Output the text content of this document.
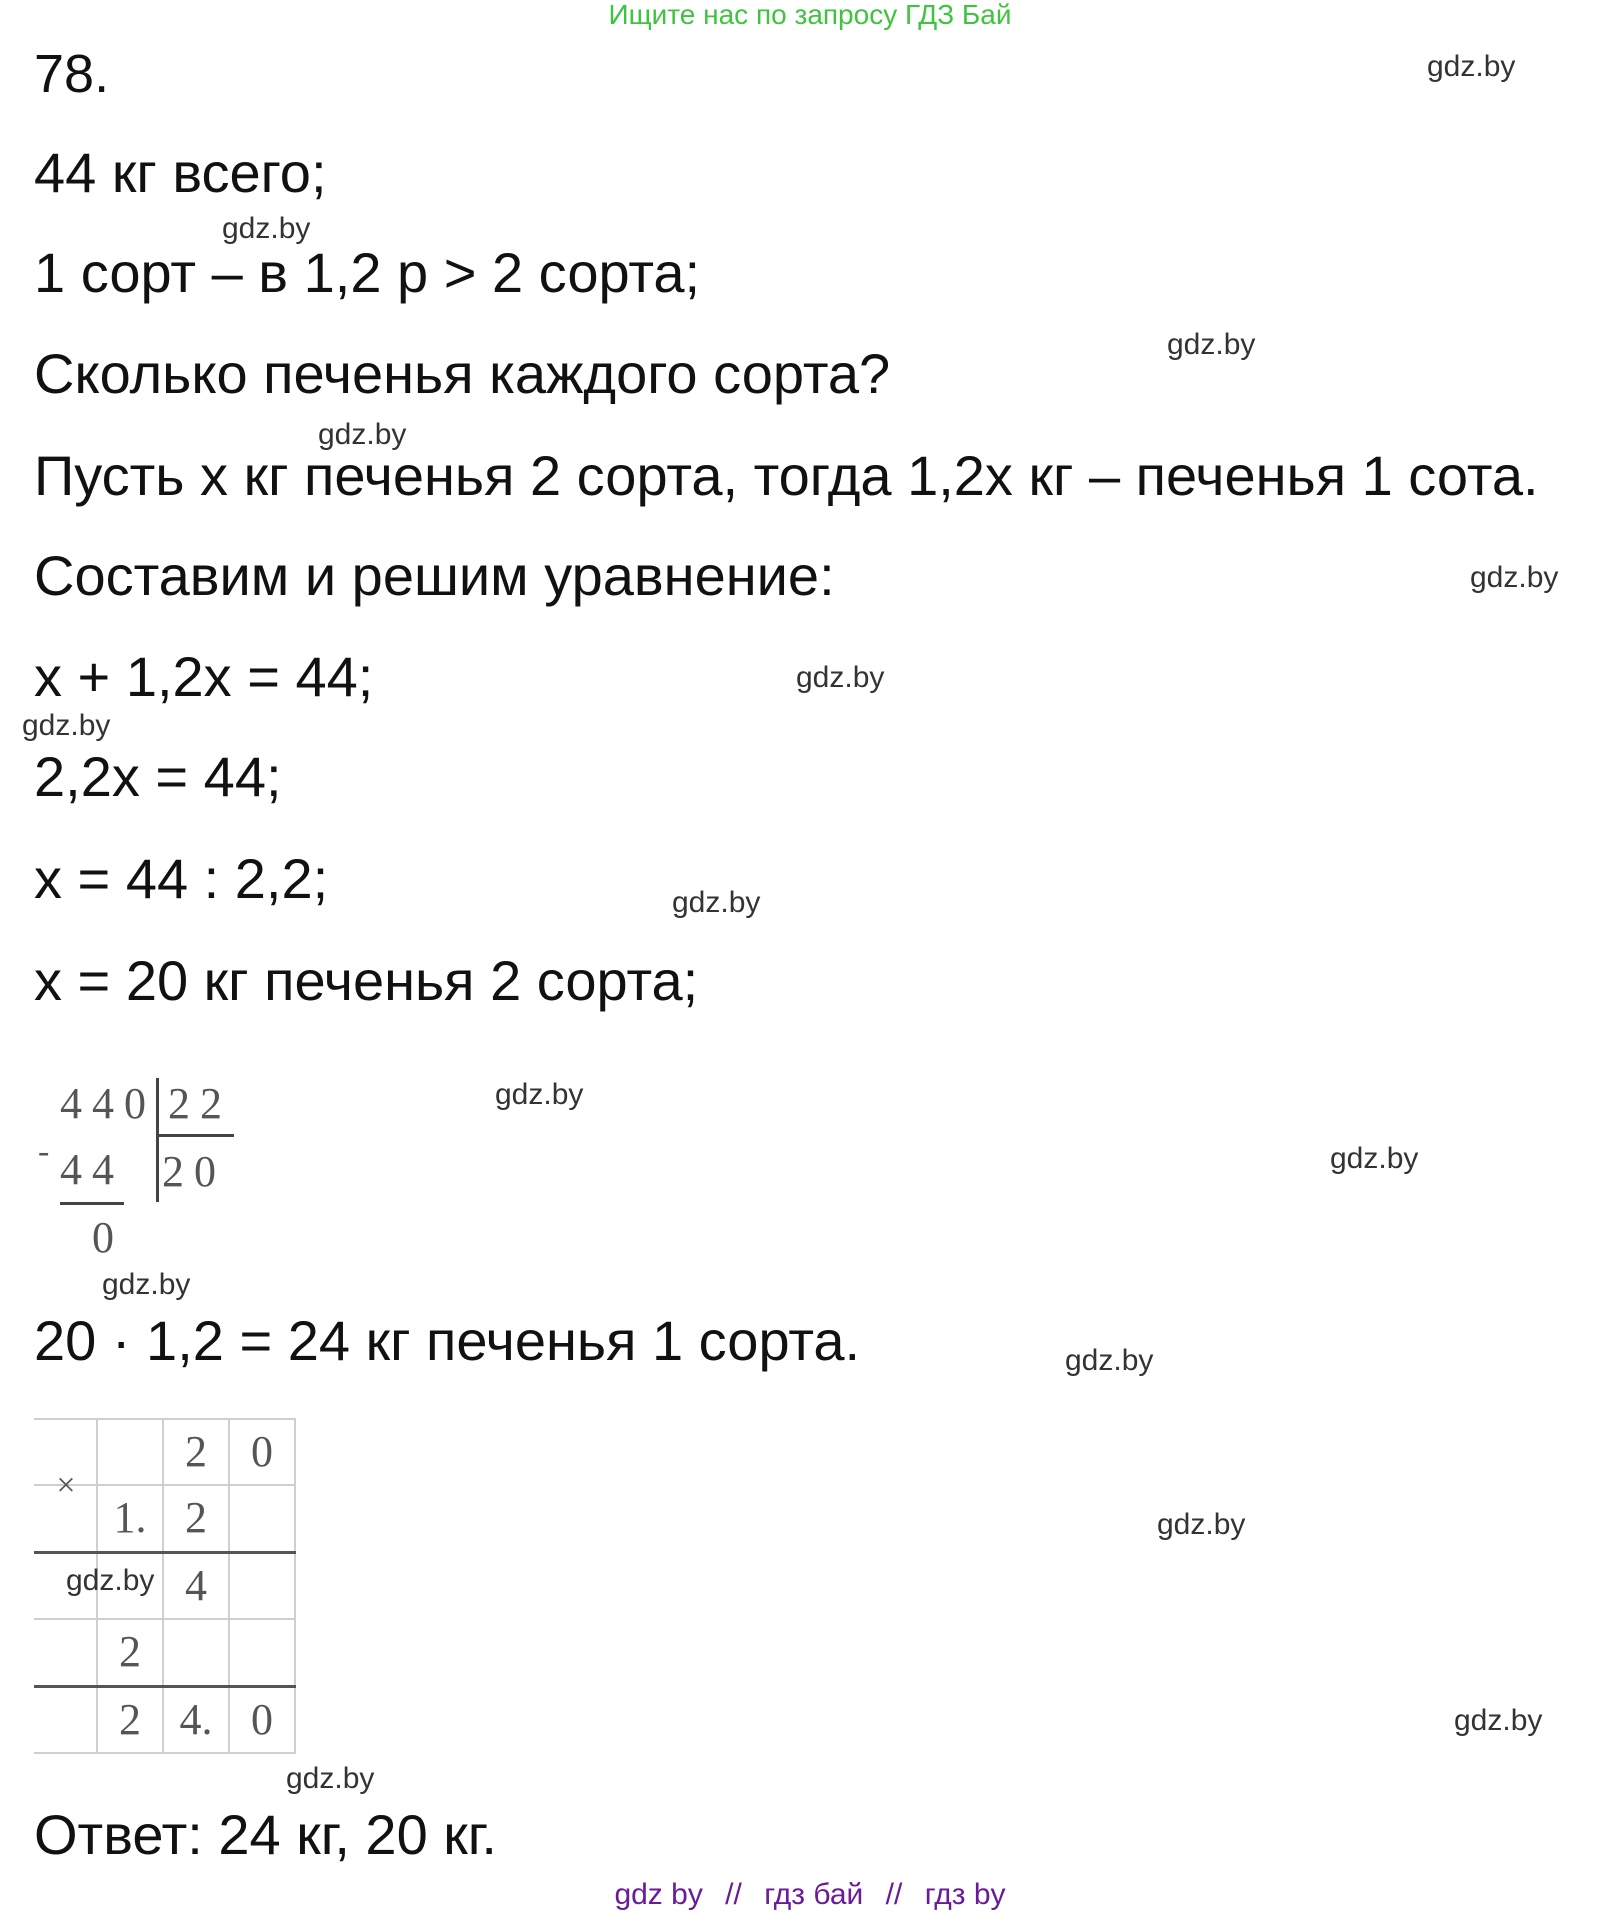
Ищите нас по запросу ГДЗ Бай
78.
44 кг всего;
1 сорт – в 1,2 р > 2 сорта;
Сколько печенья каждого сорта?
Пусть x кг печенья 2 сорта, тогда 1,2x кг – печенья 1 сота.
Составим и решим уравнение:
x + 1,2x = 44;
2,2x = 44;
x = 44 : 2,2;
x = 20 кг печенья 2 сорта;
-
440 22
44 20
0
20 · 1,2 = 24 кг печенья 1 сорта.
×
2	0
1. 2
4
2
2 4. 0
Ответ: 24 кг, 20 кг.
gdz.by
gdz.by
gdz.by
gdz.by
gdz.by
gdz.by
gdz.by
gdz.by
gdz.by
gdz.by
gdz.by
gdz.by
gdz.by
gdz.by
gdz.by
gdz.by
gdz by // гдз бай // гдз by
